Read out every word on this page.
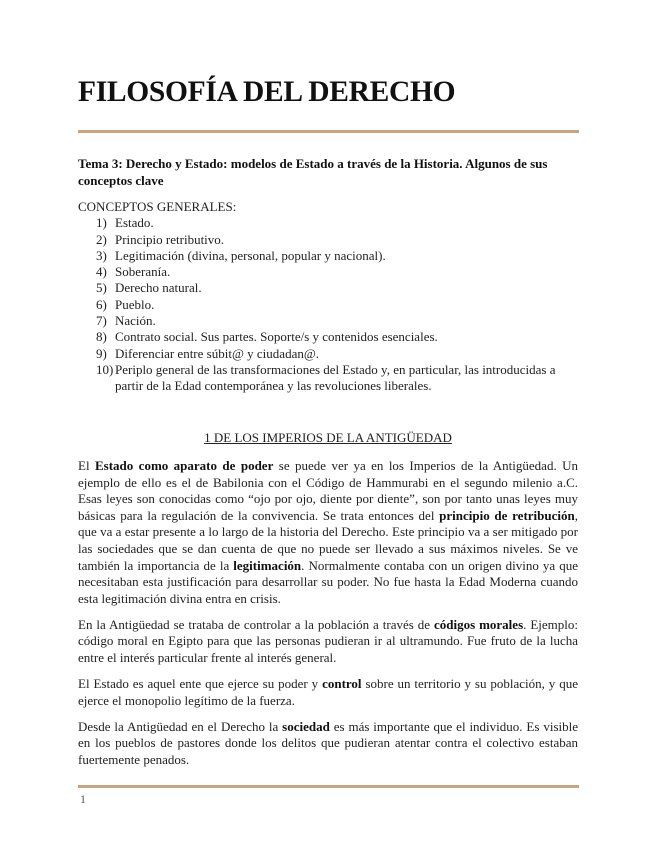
FILOSOFÍA DEL DERECHO

Tema 3: Derecho y Estado: modelos de Estado a través de la Historia. Algunos de sus conceptos clave

CONCEPTOS GENERALES:
1) Estado.
2) Principio retributivo.
3) Legitimación (divina, personal, popular y nacional).
4) Soberanía.
5) Derecho natural.
6) Pueblo.
7) Nación.
8) Contrato social. Sus partes. Soporte/s y contenidos esenciales.
9) Diferenciar entre súbit@ y ciudadan@.
10) Periplo general de las transformaciones del Estado y, en particular, las introducidas a partir de la Edad contemporánea y las revoluciones liberales.
1 DE LOS IMPERIOS DE LA ANTIGÜEDAD

El Estado como aparato de poder se puede ver ya en los Imperios de la Antigüedad. Un ejemplo de ello es el de Babilonia con el Código de Hammurabi en el segundo milenio a.C. Esas leyes son conocidas como “ojo por ojo, diente por diente”, son por tanto unas leyes muy básicas para la regulación de la convivencia. Se trata entonces del principio de retribución, que va a estar presente a lo largo de la historia del Derecho. Este principio va a ser mitigado por las sociedades que se dan cuenta de que no puede ser llevado a sus máximos niveles. Se ve también la importancia de la legitimación. Normalmente contaba con un origen divino ya que necesitaban esta justificación para desarrollar su poder. No fue hasta la Edad Moderna cuando esta legitimación divina entra en crisis.

En la Antigüedad se trataba de controlar a la población a través de códigos morales. Ejemplo: código moral en Egipto para que las personas pudieran ir al ultramundo. Fue fruto de la lucha entre el interés particular frente al interés general.

El Estado es aquel ente que ejerce su poder y control sobre un territorio y su población, y que ejerce el monopolio legítimo de la fuerza.

Desde la Antigüedad en el Derecho la sociedad es más importante que el individuo. Es visible en los pueblos de pastores donde los delitos que pudieran atentar contra el colectivo estaban fuertemente penados.

1
